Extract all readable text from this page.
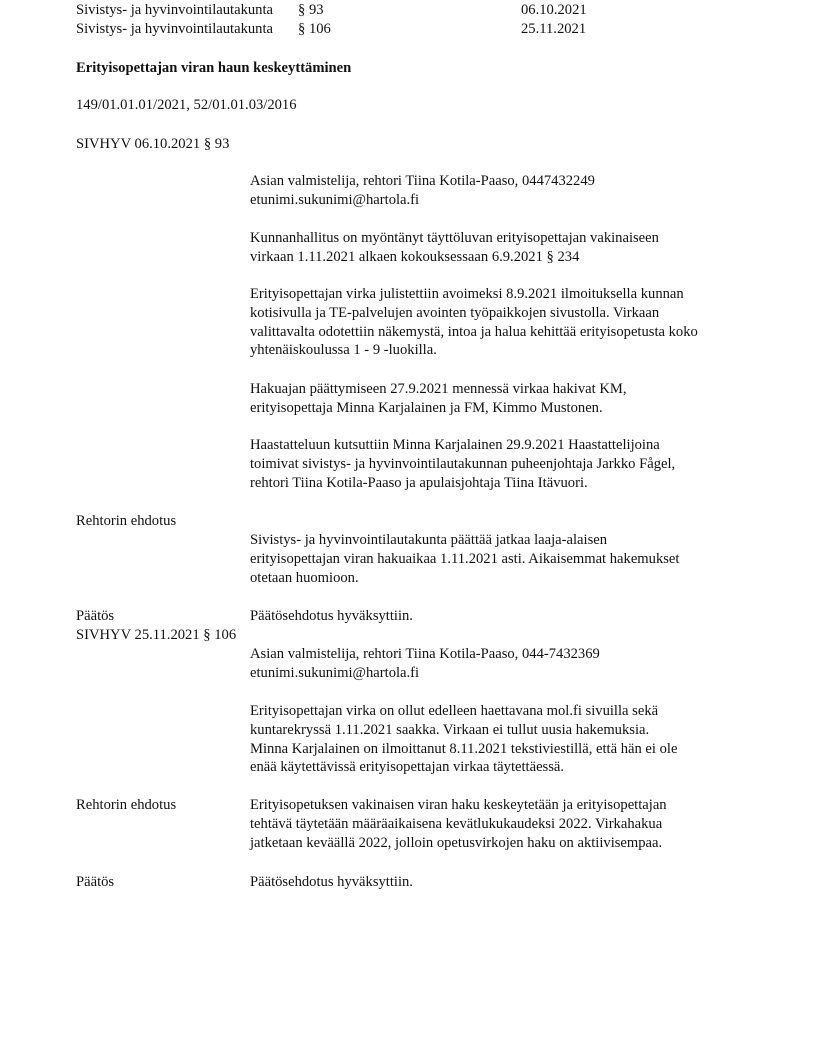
Sivistys- ja hyvinvointilautakunta § 93	06.10.2021
Sivistys- ja hyvinvointilautakunta § 106	25.11.2021
Erityisopettajan viran haun keskeyttäminen
149/01.01.01/2021, 52/01.01.03/2016
SIVHYV 06.10.2021 § 93
Asian valmistelija, rehtori Tiina Kotila-Paaso, 0447432249
etunimi.sukunimi@hartola.fi
Kunnanhallitus on myöntänyt täyttöluvan erityisopettajan vakinaiseen
virkaan 1.11.2021 alkaen kokouksessaan 6.9.2021 § 234
Erityisopettajan virka julistettiin avoimeksi 8.9.2021 ilmoituksella kunnan
kotisivulla ja TE-palvelujen avointen työpaikkojen sivustolla. Virkaan
valittavalta odotettiin näkemystä, intoa ja halua kehittää erityisopetusta koko
yhtenäiskoulussa 1 - 9 -luokilla.
Hakuajan päättymiseen 27.9.2021 mennessä virkaa hakivat KM,
erityisopettaja Minna Karjalainen ja FM, Kimmo Mustonen.
Haastatteluun kutsuttiin Minna Karjalainen 29.9.2021 Haastattelijoina
toimivat sivistys- ja hyvinvointilautakunnan puheenjohtaja Jarkko Fågel,
rehtori Tiina Kotila-Paaso ja apulaisjohtaja Tiina Itävuori.
Rehtorin ehdotus
Sivistys- ja hyvinvointilautakunta päättää jatkaa laaja-alaisen
erityisopettajan viran hakuaikaa 1.11.2021 asti. Aikaisemmat hakemukset
otetaan huomioon.
Päätös	Päätösehdotus hyväksyttiin.
SIVHYV 25.11.2021 § 106
Asian valmistelija, rehtori Tiina Kotila-Paaso, 044-7432369
etunimi.sukunimi@hartola.fi
Erityisopettajan virka on ollut edelleen haettavana mol.fi sivuilla sekä
kuntarekryssä 1.11.2021 saakka. Virkaan ei tullut uusia hakemuksia.
Minna Karjalainen on ilmoittanut 8.11.2021 tekstiviestillä, että hän ei ole
enää käytettävissä erityisopettajan virkaa täytettäessä.
Rehtorin ehdotus	Erityisopetuksen vakinaisen viran haku keskeytetään ja erityisopettajan
tehtävä täytetään määräaikaisena kevätlukukaudeksi 2022. Virkahakua
jatketaan keväällä 2022, jolloin opetusvirkojen haku on aktiivisempaa.
Päätös	Päätösehdotus hyväksyttiin.
